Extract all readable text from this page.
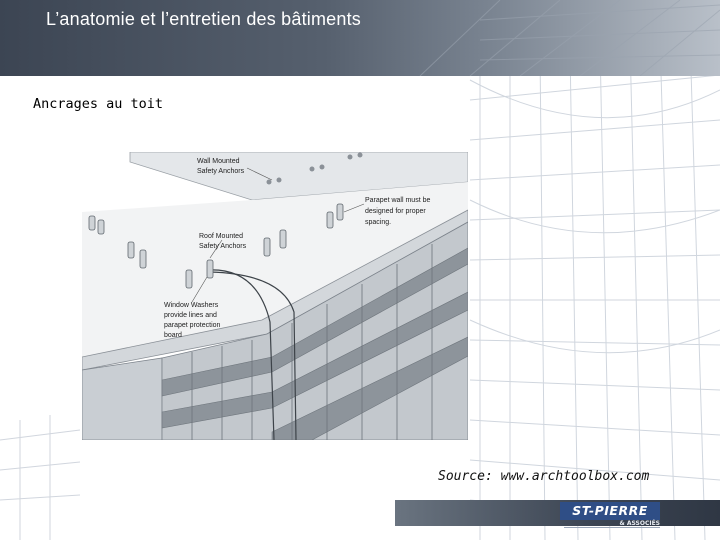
L’anatomie et l’entretien des bâtiments
Ancrages au toit
Wall Mounted
Safety Anchors
Parapet wall must be
designed for proper
spacing.
Roof Mounted
Safety Anchors
Window Washers
provide lines and
parapet protection
board
Source: www.archtoolbox.com
ST-PIERRE
& ASSOCIÉS
